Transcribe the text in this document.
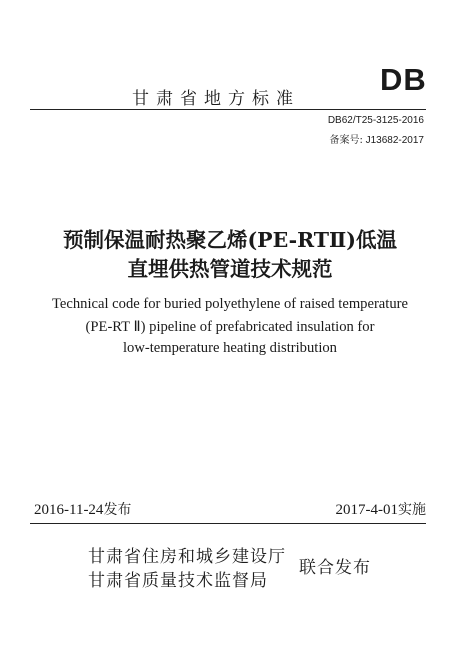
甘肃省地方标准
DB
DB62/T25-3125-2016
备案号: J13682-2017
预制保温耐热聚乙烯(PE-RTⅡ)低温
直埋供热管道技术规范
Technical code for buried polyethylene of raised temperature
(PE-RT Ⅱ) pipeline of prefabricated insulation for
low-temperature heating distribution
2016-11-24发布	2017-4-01实施
甘肃省住房和城乡建设厅
甘肃省质量技术监督局
联合发布
